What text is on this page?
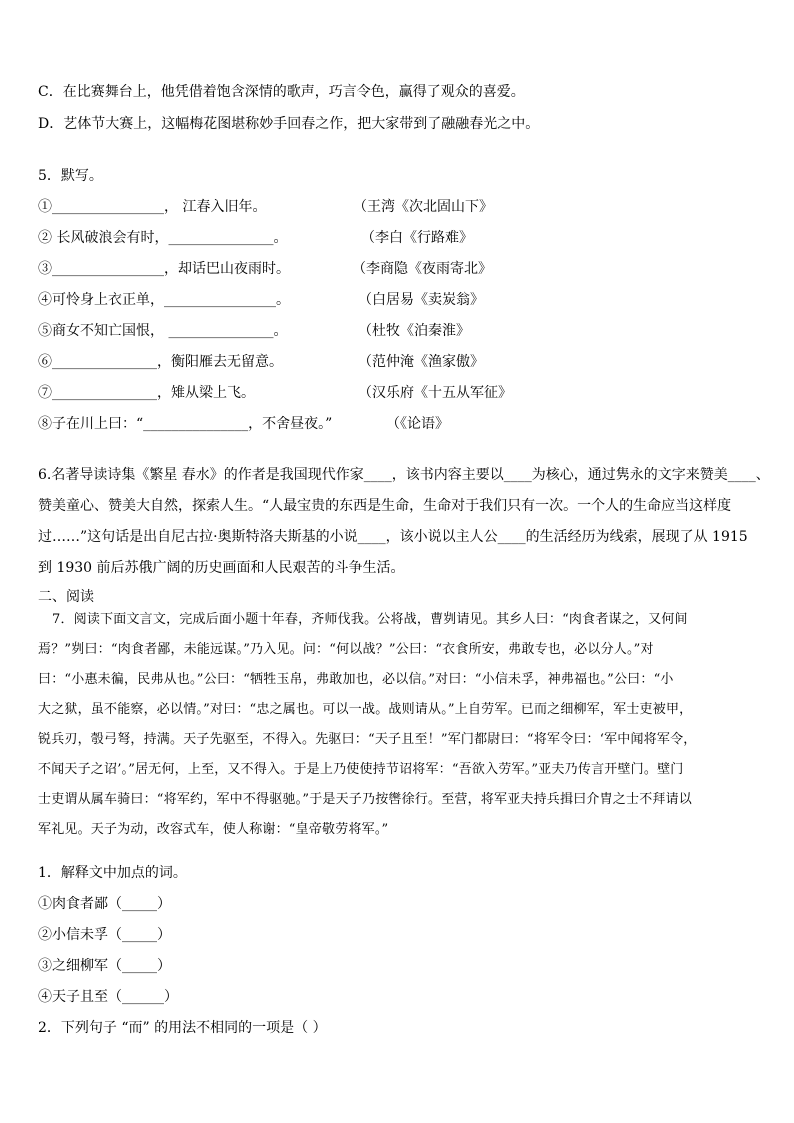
C．在比赛舞台上，他凭借着饱含深情的歌声，巧言令色，赢得了观众的喜爱。
D．艺体节大赛上，这幅梅花图堪称妙手回春之作，把大家带到了融融春光之中。
5．默写。
①________________， 江春入旧年。	（王湾《次北固山下》
② 长风破浪会有时，_______________。	（李白《行路难》
③________________，却话巴山夜雨时。	（李商隐《夜雨寄北》
④可怜身上衣正单，________________。	（白居易《卖炭翁》
⑤商女不知亡国恨， _______________。	（杜牧《泊秦淮》
⑥_______________，衡阳雁去无留意。	（范仲淹《渔家傲》
⑦_______________，雉从梁上飞。	（汉乐府《十五从军征》
⑧子在川上曰：“_______________，不舍昼夜。”	（《论语》
6.名著导读诗集《繁星 春水》的作者是我国现代作家____，该书内容主要以____为核心，通过隽永的文字来赞美____、
赞美童心、赞美大自然，探索人生。“人最宝贵的东西是生命，生命对于我们只有一次。一个人的生命应当这样度
过……”这句话是出自尼古拉·奥斯特洛夫斯基的小说____，该小说以主人公____的生活经历为线索，展现了从 1915
到 1930 前后苏俄广阔的历史画面和人民艰苦的斗争生活。
二、阅读
7．阅读下面文言文，完成后面小题十年春，齐师伐我。公将战，曹刿请见。其乡人曰：“肉食者谋之，又何间
焉？”刿曰：“肉食者鄙，未能远谋。”乃入见。问：“何以战？”公曰：“衣食所安，弗敢专也，必以分人。”对
曰：“小惠未徧，民弗从也。”公曰：“牺牲玉帛，弗敢加也，必以信。”对曰：“小信未孚，神弗福也。”公曰：“小
大之狱，虽不能察，必以情。”对曰：“忠之属也。可以一战。战则请从。”上自劳军。已而之细柳军，军士吏被甲，
锐兵刃，彀弓弩，持满。天子先驱至，不得入。先驱曰：“天子且至！”军门都尉曰：“将军令曰：‘军中闻将军令，
不闻天子之诏’。”居无何，上至，又不得入。于是上乃使使持节诏将军：“吾欲入劳军。”亚夫乃传言开壁门。壁门
士吏谓从属车骑曰：“将军约，军中不得驱驰。”于是天子乃按辔徐行。至营，将军亚夫持兵揖曰介胄之士不拜请以
军礼见。天子为动，改容式车，使人称谢：“皇帝敬劳将军。”
1．解释文中加点的词。
①肉食者鄙（_____）
②小信未孚（_____）
③之细柳军（_____）
④天子且至（______）
2．下列句子 “而” 的用法不相同的一项是（ ）
